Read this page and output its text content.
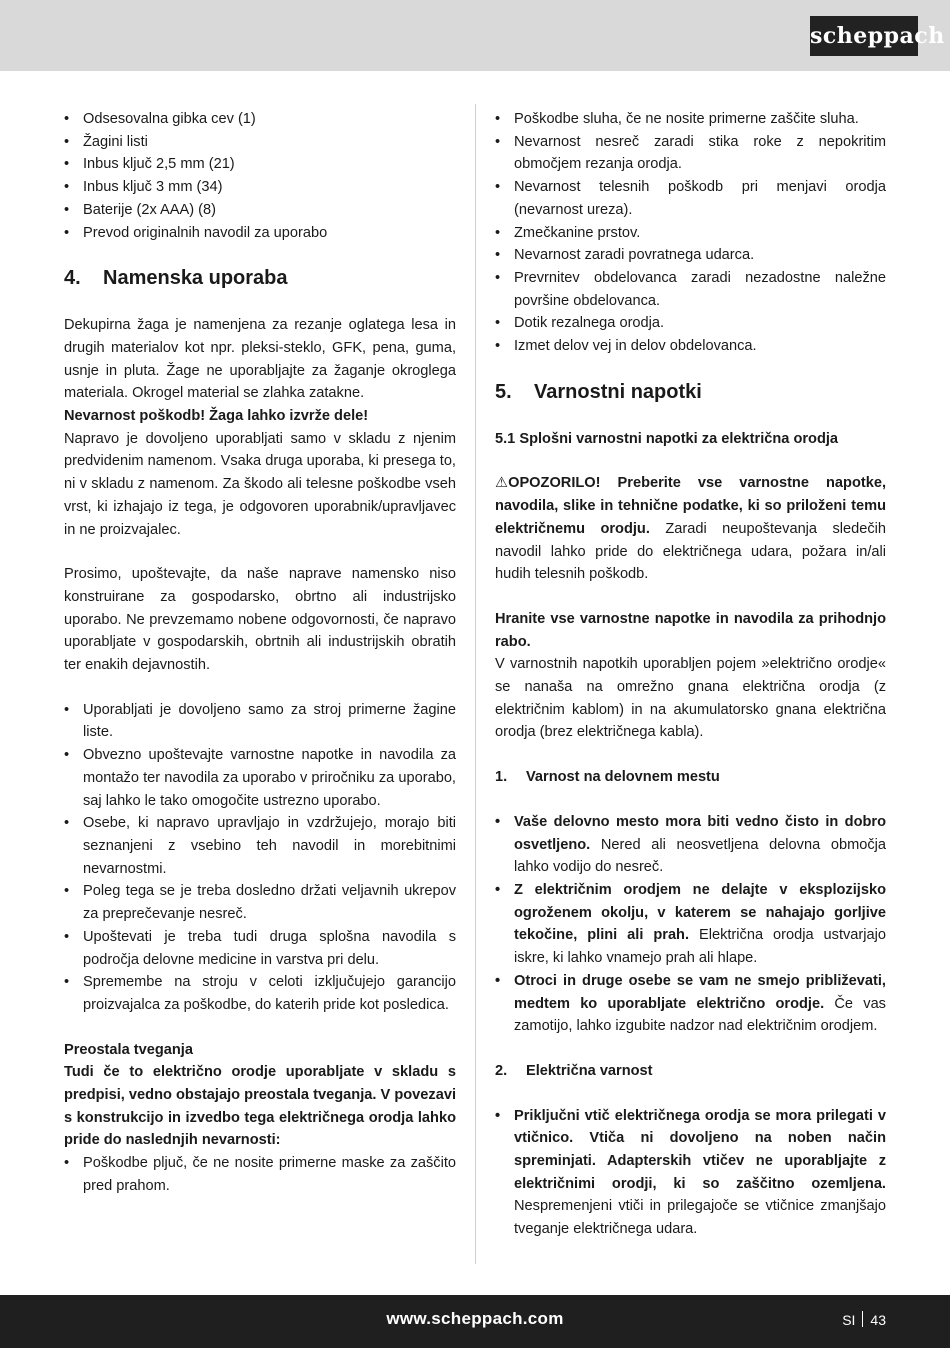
scheppach
• Odsesovalna gibka cev (1)
• Žagini listi
• Inbus ključ 2,5 mm (21)
• Inbus ključ 3 mm (34)
• Baterije (2x AAA) (8)
• Prevod originalnih navodil za uporabo
4.	Namenska uporaba

Dekupirna žaga je namenjena za rezanje oglatega lesa in drugih materialov kot npr. pleksi-steklo, GFK, pena, guma, usnje in pluta. Žage ne uporabljajte za žaganje okroglega materiala. Okrogel material se zlahka zatakne.

Nevarnost poškodb! Žaga lahko izvrže dele!

Napravo je dovoljeno uporabljati samo v skladu z njenim predvidenim namenom. Vsaka druga uporaba, ki presega to, ni v skladu z namenom. Za škodo ali telesne poškodbe vseh vrst, ki izhajajo iz tega, je odgovoren uporabnik/upravljavec in ne proizvajalec.

Prosimo, upoštevajte, da naše naprave namensko niso konstruirane za gospodarsko, obrtno ali industrijsko uporabo. Ne prevzemamo nobene odgovornosti, če napravo uporabljate v gospodarskih, obrtnih ali industrijskih obratih ter enakih dejavnostih.

• Uporabljati je dovoljeno samo za stroj primerne žagine liste.
• Obvezno upoštevajte varnostne napotke in navodila za montažo ter navodila za uporabo v priročniku za uporabo, saj lahko le tako omogočite ustrezno uporabo.
• Osebe, ki napravo upravljajo in vzdržujejo, morajo biti seznanjeni z vsebino teh navodil in morebitnimi nevarnostmi.
• Poleg tega se je treba dosledno držati veljavnih ukrepov za preprečevanje nesreč.
• Upoštevati je treba tudi druga splošna navodila s področja delovne medicine in varstva pri delu.
• Spremembe na stroju v celoti izključujejo garancijo proizvajalca za poškodbe, do katerih pride kot posledica.

Preostala tveganja

Tudi če to električno orodje uporabljate v skladu s predpisi, vedno obstajajo preostala tveganja. V povezavi s konstrukcijo in izvedbo tega električnega orodja lahko pride do naslednjih nevarnosti:

• Poškodbe pljuč, če ne nosite primerne maske za zaščito pred prahom.
• Poškodbe sluha, če ne nosite primerne zaščite sluha.
• Nevarnost nesreč zaradi stika roke z nepokritim območjem rezanja orodja.
• Nevarnost telesnih poškodb pri menjavi orodja (nevarnost ureza).
• Zmečkanine prstov.
• Nevarnost zaradi povratnega udarca.
• Prevrnitev obdelovanca zaradi nezadostne naležne površine obdelovanca.
• Dotik rezalnega orodja.
• Izmet delov vej in delov obdelovanca.
5.	Varnostni napotki

5.1 Splošni varnostni napotki za električna orodja

⚠OPOZORILO! Preberite vse varnostne napotke, navodila, slike in tehnične podatke, ki so priloženi temu električnemu orodju. Zaradi neupoštevanja sledečih navodil lahko pride do električnega udara, požara in/ali hudih telesnih poškodb.

Hranite vse varnostne napotke in navodila za prihodnjo rabo.

V varnostnih napotkih uporabljen pojem »električno orodje« se nanaša na omrežno gnana električna orodja (z električnim kablom) in na akumulatorsko gnana električna orodja (brez električnega kabla).

1.	Varnost na delovnem mestu
• Vaše delovno mesto mora biti vedno čisto in dobro osvetljeno. Nered ali neosvetljena delovna območja lahko vodijo do nesreč.
• Z električnim orodjem ne delajte v eksplozijsko ogroženem okolju, v katerem se nahajajo gorljive tekočine, plini ali prah. Električna orodja ustvarjajo iskre, ki lahko vnamejo prah ali hlape.
• Otroci in druge osebe se vam ne smejo približevati, medtem ko uporabljate električno orodje. Če vas zamotijo, lahko izgubite nadzor nad električnim orodjem.
2.	Električna varnost
• Priključni vtič električnega orodja se mora prilegati v vtičnico. Vtiča ni dovoljeno na noben način spreminjati. Adapterskih vtičev ne uporabljajte z električnimi orodji, ki so zaščitno ozemljena. Nespremenjeni vtiči in prilegajoče se vtičnice zmanjšajo tveganje električnega udara.
www.scheppach.com	SI 43
